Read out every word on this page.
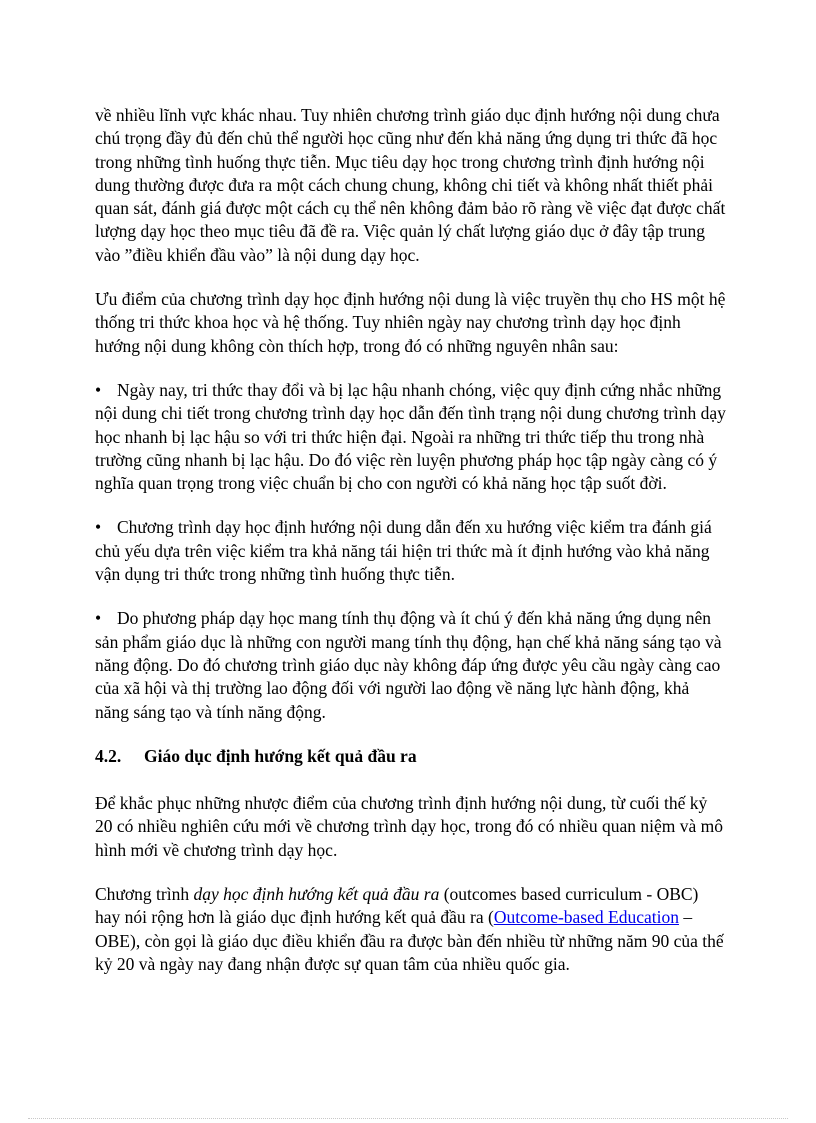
về nhiều lĩnh vực khác nhau. Tuy nhiên chương trình giáo dục định hướng nội dung chưa chú trọng đầy đủ đến chủ thể người học cũng như đến khả năng ứng dụng tri thức đã học trong những tình huống thực tiễn. Mục tiêu dạy học trong chương trình định hướng nội dung thường được đưa ra một cách chung chung, không chi tiết và không nhất thiết phải quan sát, đánh giá được một cách cụ thể nên không đảm bảo rõ ràng về việc đạt được chất lượng dạy học theo mục tiêu đã đề ra. Việc quản lý chất lượng giáo dục ở đây tập trung vào ”điều khiển đầu vào” là nội dung dạy học.

Ưu điểm của chương trình dạy học định hướng nội dung là việc truyền thụ cho HS một hệ thống tri thức khoa học và hệ thống. Tuy nhiên ngày nay chương trình dạy học định hướng nội dung không còn thích hợp, trong đó có những nguyên nhân sau:

• Ngày nay, tri thức thay đổi và bị lạc hậu nhanh chóng, việc quy định cứng nhắc những nội dung chi tiết trong chương trình dạy học dẫn đến tình trạng nội dung chương trình dạy học nhanh bị lạc hậu so với tri thức hiện đại. Ngoài ra những tri thức tiếp thu trong nhà trường cũng nhanh bị lạc hậu. Do đó việc rèn luyện phương pháp học tập ngày càng có ý nghĩa quan trọng trong việc chuẩn bị cho con người có khả năng học tập suốt đời.

• Chương trình dạy học định hướng nội dung dẫn đến xu hướng việc kiểm tra đánh giá chủ yếu dựa trên việc kiểm tra khả năng tái hiện tri thức mà ít định hướng vào khả năng vận dụng tri thức trong những tình huống thực tiễn.

• Do phương pháp dạy học mang tính thụ động và ít chú ý đến khả năng ứng dụng nên sản phẩm giáo dục là những con người mang tính thụ động, hạn chế khả năng sáng tạo và năng động. Do đó chương trình giáo dục này không đáp ứng được yêu cầu ngày càng cao của xã hội và thị trường lao động đối với người lao động về năng lực hành động, khả năng sáng tạo và tính năng động.

4.2. Giáo dục định hướng kết quả đầu ra

Để khắc phục những nhược điểm của chương trình định hướng nội dung, từ cuối thế kỷ 20 có nhiều nghiên cứu mới về chương trình dạy học, trong đó có nhiều quan niệm và mô hình mới về chương trình dạy học.

Chương trình dạy học định hướng kết quả đầu ra (outcomes based curriculum - OBC) hay nói rộng hơn là giáo dục định hướng kết quả đầu ra (Outcome-based Education – OBE), còn gọi là giáo dục điều khiển đầu ra được bàn đến nhiều từ những năm 90 của thế kỷ 20 và ngày nay đang nhận được sự quan tâm của nhiều quốc gia.
